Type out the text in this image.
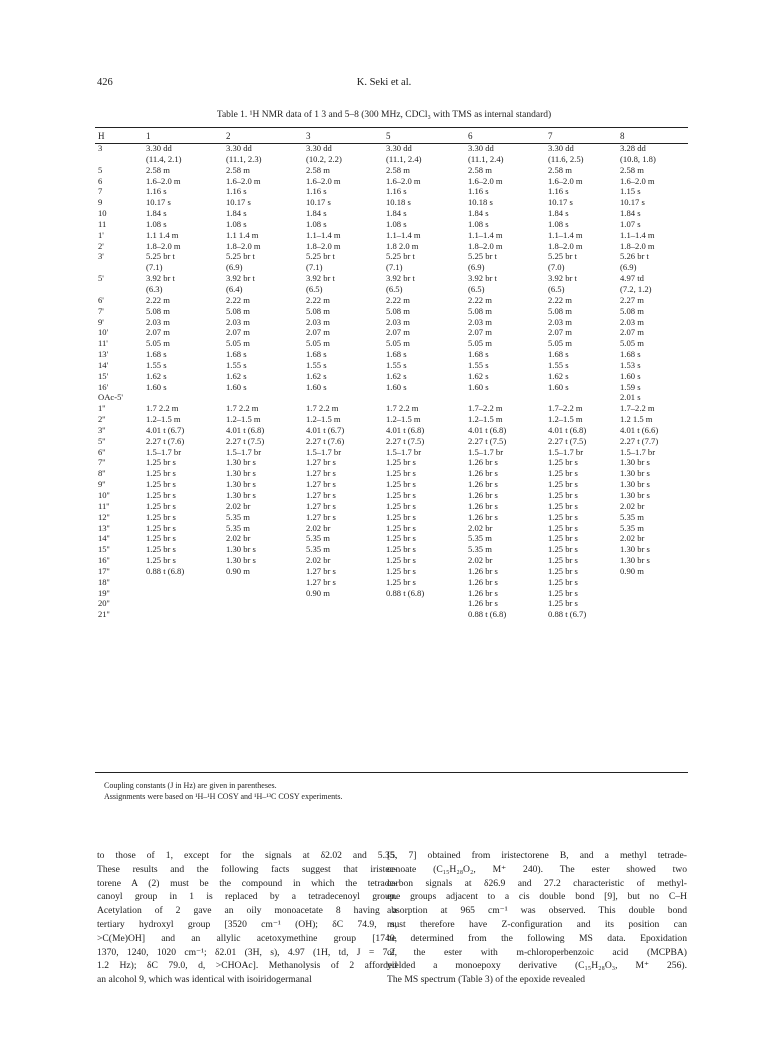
426	K. Seki et al.
Table 1. ¹H NMR data of 1 3 and 5–8 (300 MHz, CDCl₃ with TMS as internal standard)
H	1	2	3	5	6	7	8
3	3.30 dd	3.30 dd	3.30 dd	3.30 dd	3.30 dd	3.30 dd	3.28 dd
	(11.4, 2.1)	(11.1, 2.3)	(10.2, 2.2)	(11.1, 2.4)	(11.1, 2.4)	(11.6, 2.5)	(10.8, 1.8)
5	2.58 m	2.58 m	2.58 m	2.58 m	2.58 m	2.58 m	2.58 m
6	1.6–2.0 m	1.6–2.0 m	1.6–2.0 m	1.6–2.0 m	1.6–2.0 m	1.6–2.0 m	1.6–2.0 m
7	1.16 s	1.16 s	1.16 s	1.16 s	1.16 s	1.16 s	1.15 s
9	10.17 s	10.17 s	10.17 s	10.18 s	10.18 s	10.17 s	10.17 s
10	1.84 s	1.84 s	1.84 s	1.84 s	1.84 s	1.84 s	1.84 s
11	1.08 s	1.08 s	1.08 s	1.08 s	1.08 s	1.08 s	1.07 s
1'	1.1 1.4 m	1.1 1.4 m	1.1–1.4 m	1.1–1.4 m	1.1–1.4 m	1.1–1.4 m	1.1–1.4 m
2'	1.8–2.0 m	1.8–2.0 m	1.8–2.0 m	1.8 2.0 m	1.8–2.0 m	1.8–2.0 m	1.8–2.0 m
3'	5.25 br t	5.25 br t	5.25 br t	5.25 br t	5.25 br t	5.25 br t	5.26 br t
	(7.1)	(6.9)	(7.1)	(7.1)	(6.9)	(7.0)	(6.9)
5'	3.92 br t	3.92 br t	3.92 br t	3.92 br t	3.92 br t	3.92 br t	4.97 td
	(6.3)	(6.4)	(6.5)	(6.5)	(6.5)	(6.5)	(7.2, 1.2)
6'	2.22 m	2.22 m	2.22 m	2.22 m	2.22 m	2.22 m	2.27 m
7'	5.08 m	5.08 m	5.08 m	5.08 m	5.08 m	5.08 m	5.08 m
9'	2.03 m	2.03 m	2.03 m	2.03 m	2.03 m	2.03 m	2.03 m
10'	2.07 m	2.07 m	2.07 m	2.07 m	2.07 m	2.07 m	2.07 m
11'	5.05 m	5.05 m	5.05 m	5.05 m	5.05 m	5.05 m	5.05 m
13'	1.68 s	1.68 s	1.68 s	1.68 s	1.68 s	1.68 s	1.68 s
14'	1.55 s	1.55 s	1.55 s	1.55 s	1.55 s	1.55 s	1.53 s
15'	1.62 s	1.62 s	1.62 s	1.62 s	1.62 s	1.62 s	1.60 s
16'	1.60 s	1.60 s	1.60 s	1.60 s	1.60 s	1.60 s	1.59 s
OAc-5'							2.01 s
1''	1.7 2.2 m	1.7 2.2 m	1.7 2.2 m	1.7 2.2 m	1.7–2.2 m	1.7–2.2 m	1.7–2.2 m
2''	1.2–1.5 m	1.2–1.5 m	1.2–1.5 m	1.2–1.5 m	1.2–1.5 m	1.2–1.5 m	1.2 1.5 m
3''	4.01 t (6.7)	4.01 t (6.8)	4.01 t (6.7)	4.01 t (6.8)	4.01 t (6.8)	4.01 t (6.8)	4.01 t (6.6)
5''	2.27 t (7.6)	2.27 t (7.5)	2.27 t (7.6)	2.27 t (7.5)	2.27 t (7.5)	2.27 t (7.5)	2.27 t (7.7)
6''	1.5–1.7 br	1.5–1.7 br	1.5–1.7 br	1.5–1.7 br	1.5–1.7 br	1.5–1.7 br	1.5–1.7 br
7''	1.25 br s	1.30 br s	1.27 br s	1.25 br s	1.26 br s	1.25 br s	1.30 br s
8''	1.25 br s	1.30 br s	1.27 br s	1.25 br s	1.26 br s	1.25 br s	1.30 br s
9''	1.25 br s	1.30 br s	1.27 br s	1.25 br s	1.26 br s	1.25 br s	1.30 br s
10''	1.25 br s	1.30 br s	1.27 br s	1.25 br s	1.26 br s	1.25 br s	1.30 br s
11''	1.25 br s	2.02 br	1.27 br s	1.25 br s	1.26 br s	1.25 br s	2.02 br
12''	1.25 br s	5.35 m	1.27 br s	1.25 br s	1.26 br s	1.25 br s	5.35 m
13''	1.25 br s	5.35 m	2.02 br	1.25 br s	2.02 br	1.25 br s	5.35 m
14''	1.25 br s	2.02 br	5.35 m	1.25 br s	5.35 m	1.25 br s	2.02 br
15''	1.25 br s	1.30 br s	5.35 m	1.25 br s	5.35 m	1.25 br s	1.30 br s
16''	1.25 br s	1.30 br s	2.02 br	1.25 br s	2.02 br	1.25 br s	1.30 br s
17''	0.88 t (6.8)	0.90 m	1.27 br s	1.25 br s	1.26 br s	1.25 br s	0.90 m
18''			1.27 br s	1.25 br s	1.26 br s	1.25 br s	
19''			0.90 m	0.88 t (6.8)	1.26 br s	1.25 br s	
20''					1.26 br s	1.25 br s	
21''					0.88 t (6.8)	0.88 t (6.7)	
Coupling constants (J in Hz) are given in parentheses.
Assignments were based on ¹H–¹H COSY and ¹H–¹³C COSY experiments.
to those of 1, except for the signals at δ2.02 and 5.35.
These results and the following facts suggest that iristec-
torene A (2) must be the compound in which the tetrade-
canoyl group in 1 is replaced by a tetradecenoyl group.
Acetylation of 2 gave an oily monoacetate 8 having a
tertiary hydroxyl group [3520 cm⁻¹ (OH); δC 74.9, s,
>C(Me)OH] and an allylic acetoxymethine group [1740,
1370, 1240, 1020 cm⁻¹; δ2.01 (3H, s), 4.97 (1H, td, J = 7.2,
1.2 Hz); δC 79.0, d, >CHOAc]. Methanolysis of 2 afforded
an alcohol 9, which was identical with isoiridogermanal
[5, 7] obtained from iristectorene B, and a methyl tetrade-
cenoate (C₁₅H₂₈O₂, M⁺ 240). The ester showed two
carbon signals at δ26.9 and 27.2 characteristic of methyl-
ene groups adjacent to a cis double bond [9], but no C–H
absorption at 965 cm⁻¹ was observed. This double bond
must therefore have Z-configuration and its position can
be determined from the following MS data. Epoxidation
of the ester with m-chloroperbenzoic acid (MCPBA)
yielded a monoepoxy derivative (C₁₅H₂₈O₃, M⁺ 256).
The MS spectrum (Table 3) of the epoxide revealed
